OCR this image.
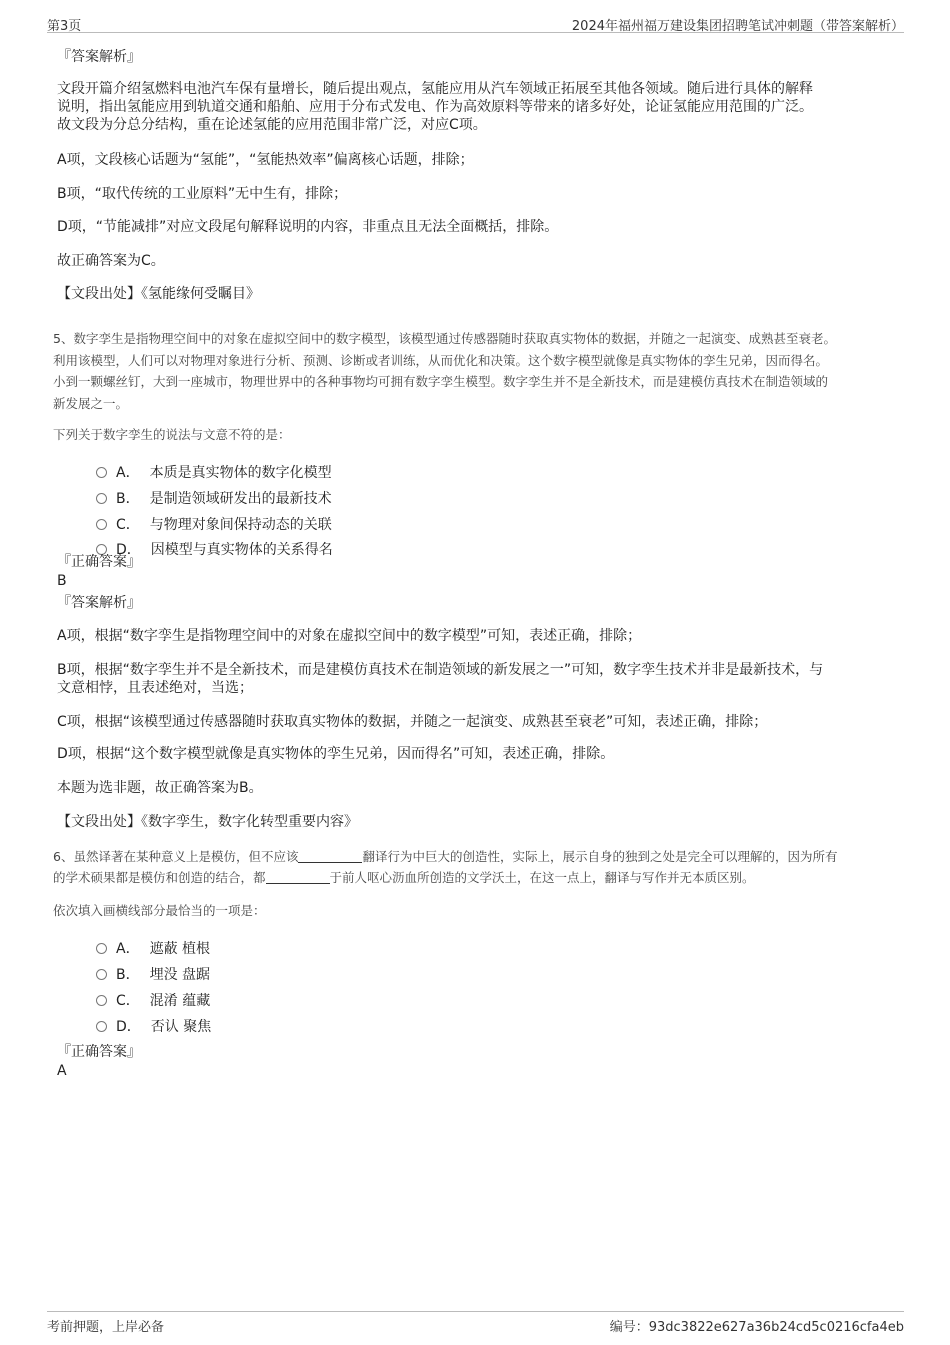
第3页	2024年福州福万建设集团招聘笔试冲刺题（带答案解析）
『答案解析』
文段开篇介绍氢燃料电池汽车保有量增长，随后提出观点，氢能应用从汽车领域正拓展至其他各领域。随后进行具体的解释
说明，指出氢能应用到轨道交通和船舶、应用于分布式发电、作为高效原料等带来的诸多好处，论证氢能应用范围的广泛。
故文段为分总分结构，重在论述氢能的应用范围非常广泛，对应C项。
A项，文段核心话题为“氢能”，“氢能热效率”偏离核心话题，排除；
B项，“取代传统的工业原料”无中生有，排除；
D项，“节能减排”对应文段尾句解释说明的内容，非重点且无法全面概括，排除。
故正确答案为C。
【文段出处】《氢能缘何受瞩目》
5、数字孪生是指物理空间中的对象在虚拟空间中的数字模型，该模型通过传感器随时获取真实物体的数据，并随之一起演变、成熟甚至衰老。
利用该模型，人们可以对物理对象进行分析、预测、诊断或者训练，从而优化和决策。这个数字模型就像是真实物体的孪生兄弟，因而得名。
小到一颗螺丝钉，大到一座城市，物理世界中的各种事物均可拥有数字孪生模型。数字孪生并不是全新技术，而是建模仿真技术在制造领域的
新发展之一。
下列关于数字孪生的说法与文意不符的是：
A． 本质是真实物体的数字化模型
B． 是制造领域研发出的最新技术
C． 与物理对象间保持动态的关联
D． 因模型与真实物体的关系得名
『正确答案』
B
『答案解析』
A项，根据“数字孪生是指物理空间中的对象在虚拟空间中的数字模型”可知，表述正确，排除；
B项，根据“数字孪生并不是全新技术，而是建模仿真技术在制造领域的新发展之一”可知，数字孪生技术并非是最新技术，与
文意相悖，且表述绝对，当选；
C项，根据“该模型通过传感器随时获取真实物体的数据，并随之一起演变、成熟甚至衰老”可知，表述正确，排除；
D项，根据“这个数字模型就像是真实物体的孪生兄弟，因而得名”可知，表述正确，排除。
本题为选非题，故正确答案为B。
【文段出处】《数字孪生，数字化转型重要内容》
6、虽然译著在某种意义上是模仿，但不应该	翻译行为中巨大的创造性，实际上，展示自身的独到之处是完全可以理解的，因为所有
的学术硕果都是模仿和创造的结合，都	于前人呕心沥血所创造的文学沃土，在这一点上，翻译与写作并无本质区别。
依次填入画横线部分最恰当的一项是：
A． 遮蔽 植根
B． 埋没 盘踞
C． 混淆 蕴藏
D． 否认 聚焦
『正确答案』
A
考前押题，上岸必备	编号：93dc3822e627a36b24cd5c0216cfa4eb
